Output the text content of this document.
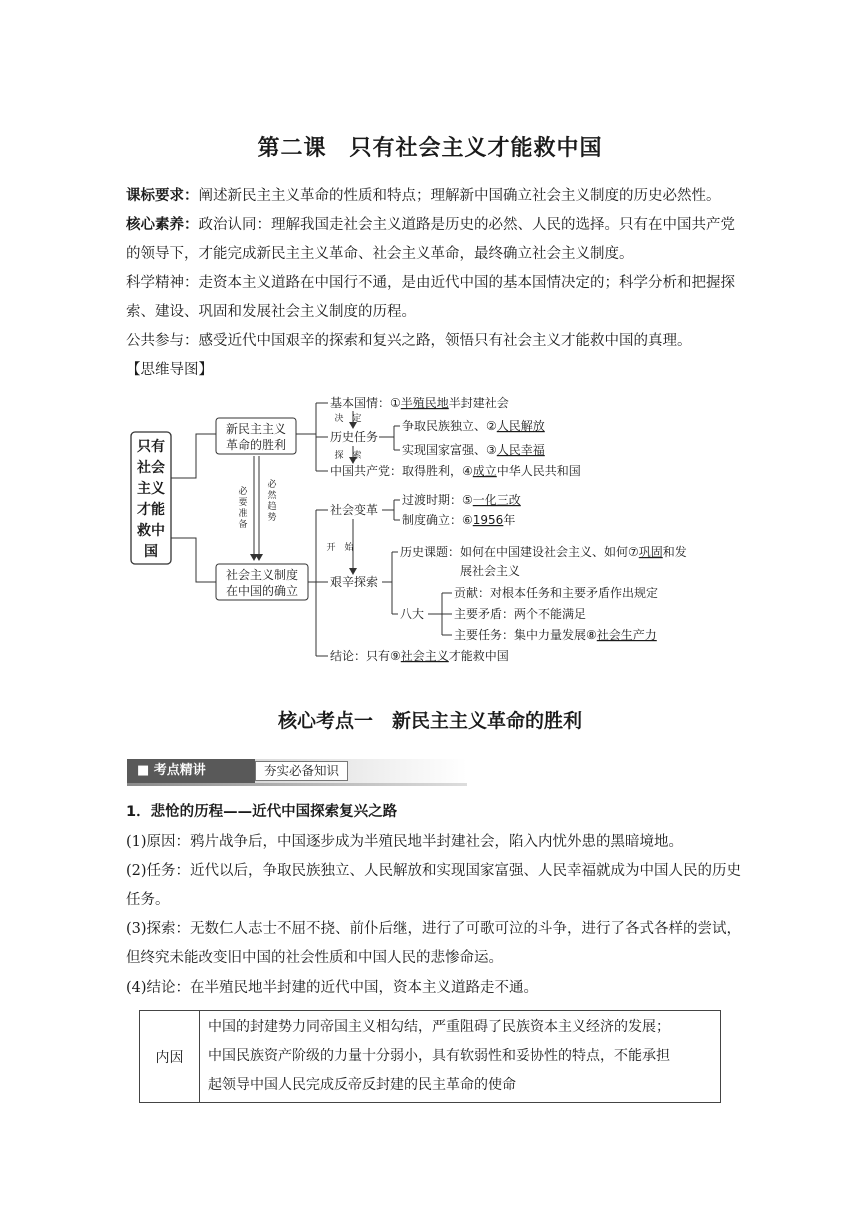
第二课　只有社会主义才能救中国
课标要求：阐述新民主主义革命的性质和特点；理解新中国确立社会主义制度的历史必然性。
核心素养：政治认同：理解我国走社会主义道路是历史的必然、人民的选择。只有在中国共产党的领导下，才能完成新民主主义革命、社会主义革命，最终确立社会主义制度。
科学精神：走资本主义道路在中国行不通，是由近代中国的基本国情决定的；科学分析和把握探索、建设、巩固和发展社会主义制度的历程。
公共参与：感受近代中国艰辛的探索和复兴之路，领悟只有社会主义才能救中国的真理。
【思维导图】
只有
社会
主义
才能
救中
国
新民主主义
革命的胜利
社会主义制度
在中国的确立
必
要
准
备
必
然
趋
势
基本国情：①半殖民地半封建社会
决　定
历史任务
争取民族独立、②人民解放
实现国家富强、③人民幸福
探　索
中国共产党：取得胜利，④成立中华人民共和国
社会变革
过渡时期：⑤一化三改
制度确立：⑥1956年
开　始
艰辛探索
历史课题：如何在中国建设社会主义、如何⑦巩固和发
展社会主义
八大
贡献：对根本任务和主要矛盾作出规定
主要矛盾：两个不能满足
主要任务：集中力量发展⑧社会生产力
结论：只有⑨社会主义才能救中国
核心考点一　新民主主义革命的胜利
■ 考点精讲	夯实必备知识
1．悲怆的历程——近代中国探索复兴之路
(1)原因：鸦片战争后，中国逐步成为半殖民地半封建社会，陷入内忧外患的黑暗境地。
(2)任务：近代以后，争取民族独立、人民解放和实现国家富强、人民幸福就成为中国人民的历史任务。
(3)探索：无数仁人志士不屈不挠、前仆后继，进行了可歌可泣的斗争，进行了各式各样的尝试，但终究未能改变旧中国的社会性质和中国人民的悲惨命运。
(4)结论：在半殖民地半封建的近代中国，资本主义道路走不通。
内因	
中国的封建势力同帝国主义相勾结，严重阻碍了民族资本主义经济的发展；
中国民族资产阶级的力量十分弱小，具有软弱性和妥协性的特点，不能承担
起领导中国人民完成反帝反封建的民主革命的使命
